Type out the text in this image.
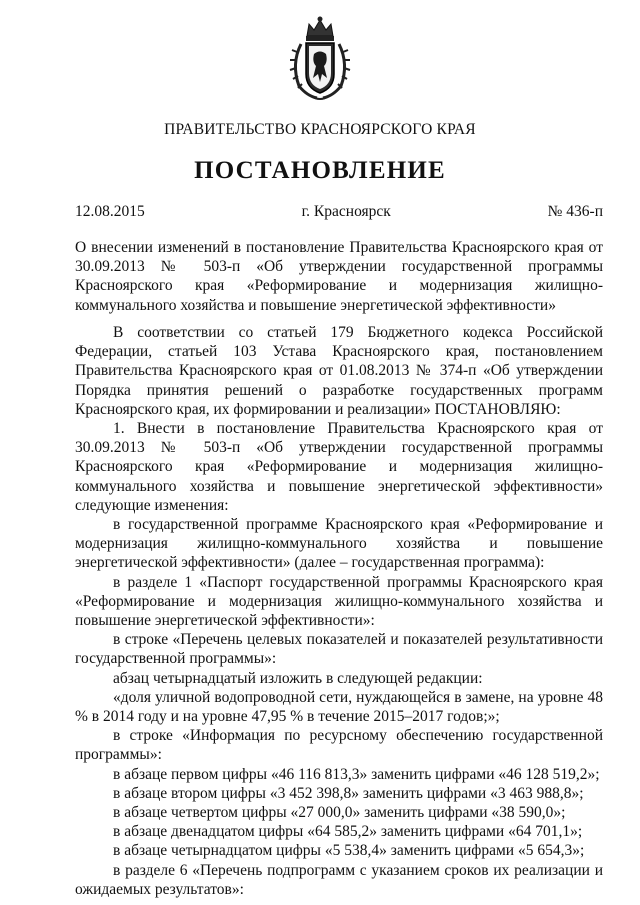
ПРАВИТЕЛЬСТВО КРАСНОЯРСКОГО КРАЯ
ПОСТАНОВЛЕНИЕ
12.08.2015	г. Красноярск	№ 436-п
О внесении изменений в постановление Правительства Красноярского края от 30.09.2013 № 503-п «Об утверждении государственной программы Красноярского края «Реформирование и модернизация жилищно-коммунального хозяйства и повышение энергетической эффективности»

В соответствии со статьей 179 Бюджетного кодекса Российской Федерации, статьей 103 Устава Красноярского края, постановлением Правительства Красноярского края от 01.08.2013 № 374-п «Об утверждении Порядка принятия решений о разработке государственных программ Красноярского края, их формировании и реализации» ПОСТАНОВЛЯЮ:

1. Внести в постановление Правительства Красноярского края от 30.09.2013 № 503-п «Об утверждении государственной программы Красноярского края «Реформирование и модернизация жилищно-коммунального хозяйства и повышение энергетической эффективности» следующие изменения:

в государственной программе Красноярского края «Реформирование и модернизация жилищно-коммунального хозяйства и повышение энергетической эффективности» (далее – государственная программа):

в разделе 1 «Паспорт государственной программы Красноярского края «Реформирование и модернизация жилищно-коммунального хозяйства и повышение энергетической эффективности»:

в строке «Перечень целевых показателей и показателей результативности государственной программы»:

абзац четырнадцатый изложить в следующей редакции:

«доля уличной водопроводной сети, нуждающейся в замене, на уровне 48 % в 2014 году и на уровне 47,95 % в течение 2015–2017 годов;»;

в строке «Информация по ресурсному обеспечению государственной программы»:

в абзаце первом цифры «46 116 813,3» заменить цифрами «46 128 519,2»;

в абзаце втором цифры «3 452 398,8» заменить цифрами «3 463 988,8»;

в абзаце четвертом цифры «27 000,0» заменить цифрами «38 590,0»;

в абзаце двенадцатом цифры «64 585,2» заменить цифрами «64 701,1»;

в абзаце четырнадцатом цифры «5 538,4» заменить цифрами «5 654,3»;

в разделе 6 «Перечень подпрограмм с указанием сроков их реализации и ожидаемых результатов»:
